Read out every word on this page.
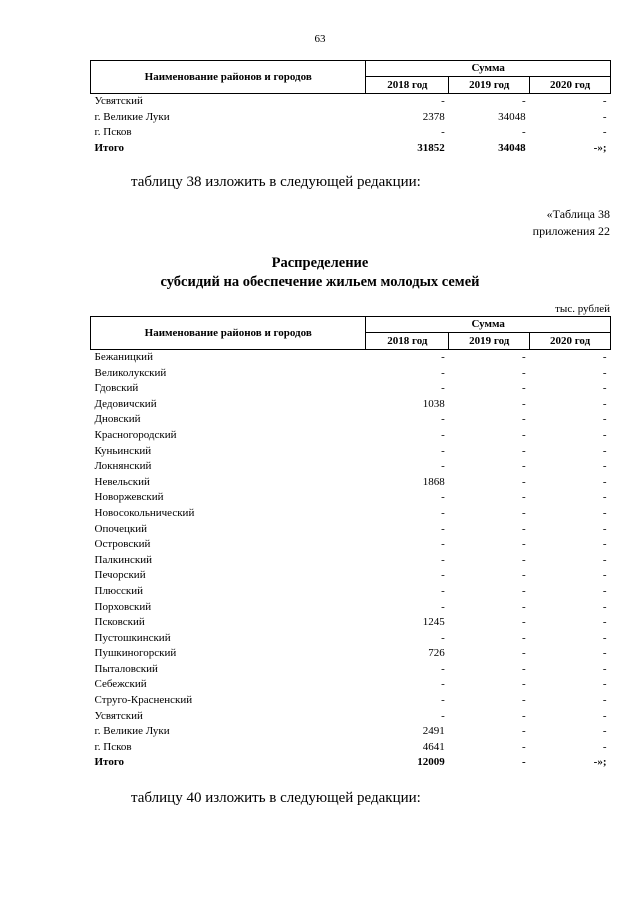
63
Наименование районов и городов	Сумма		
	2018 год	2019 год	2020 год
Усвятский	-	-	-
г. Великие Луки	2378	34048	-
г. Псков	-	-	-
Итого	31852	34048	-»;
таблицу 38 изложить в следующей редакции:
«Таблица 38
приложения 22
Распределение
субсидий на обеспечение жильем молодых семей
тыс. рублей
Наименование районов и городов	Сумма		
	2018 год	2019 год	2020 год
Бежаницкий	-	-	-
Великолукский	-	-	-
Гдовский	-	-	-
Дедовичский	1038	-	-
Дновский	-	-	-
Красногородский	-	-	-
Куньинский	-	-	-
Локнянский	-	-	-
Невельский	1868	-	-
Новоржевский	-	-	-
Новосокольнический	-	-	-
Опочецкий	-	-	-
Островский	-	-	-
Палкинский	-	-	-
Печорский	-	-	-
Плюсский	-	-	-
Порховский	-	-	-
Псковский	1245	-	-
Пустошкинский	-	-	-
Пушкиногорский	726	-	-
Пыталовский	-	-	-
Себежский	-	-	-
Струго-Красненский	-	-	-
Усвятский	-	-	-
г. Великие Луки	2491	-	-
г. Псков	4641	-	-
Итого	12009	-	-»;
таблицу 40 изложить в следующей редакции:
